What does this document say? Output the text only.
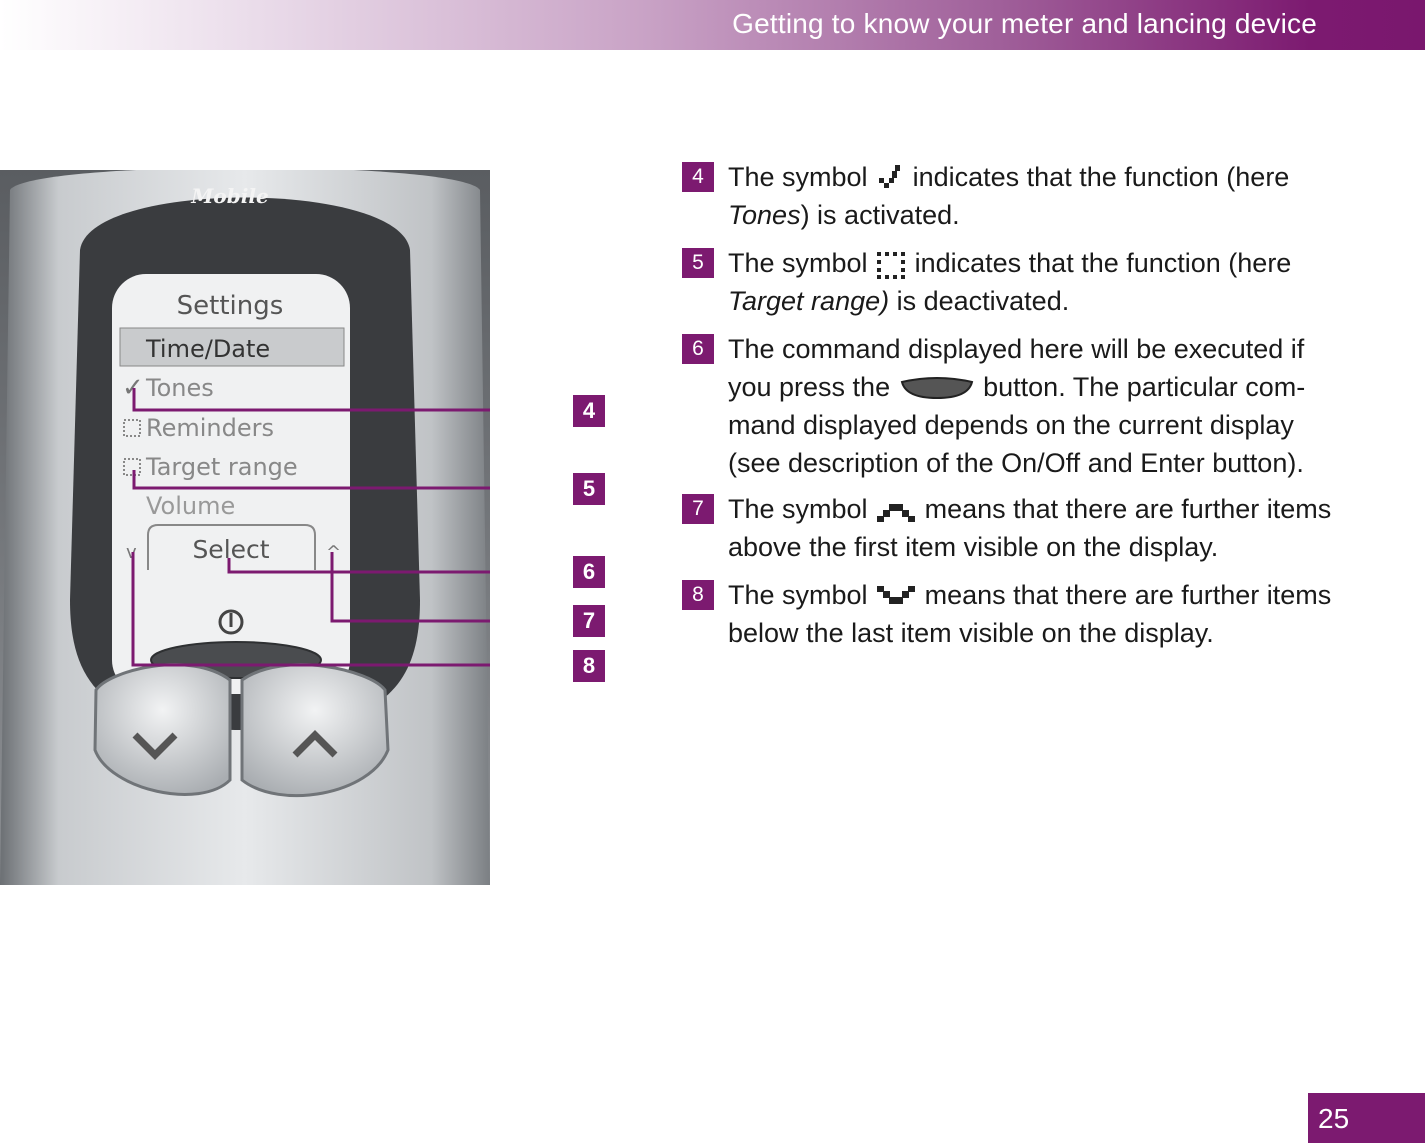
Getting to know your meter and lancing device
Settings
Time/Date
✓ Tones
Reminders
Target range
Volume
Select
v	^
Mobile
4
5
6
7
8
4 The symbol indicates that the function (here
Tones) is activated.
5 The symbol indicates that the function (here
Target range) is deactivated.
6 The command displayed here will be executed if
you press the	button. The particular com-
mand displayed depends on the current display
(see description of the On/Off and Enter button).
7 The symbol means that there are further items
above the first item visible on the display.
8 The symbol means that there are further items
below the last item visible on the display.
25
